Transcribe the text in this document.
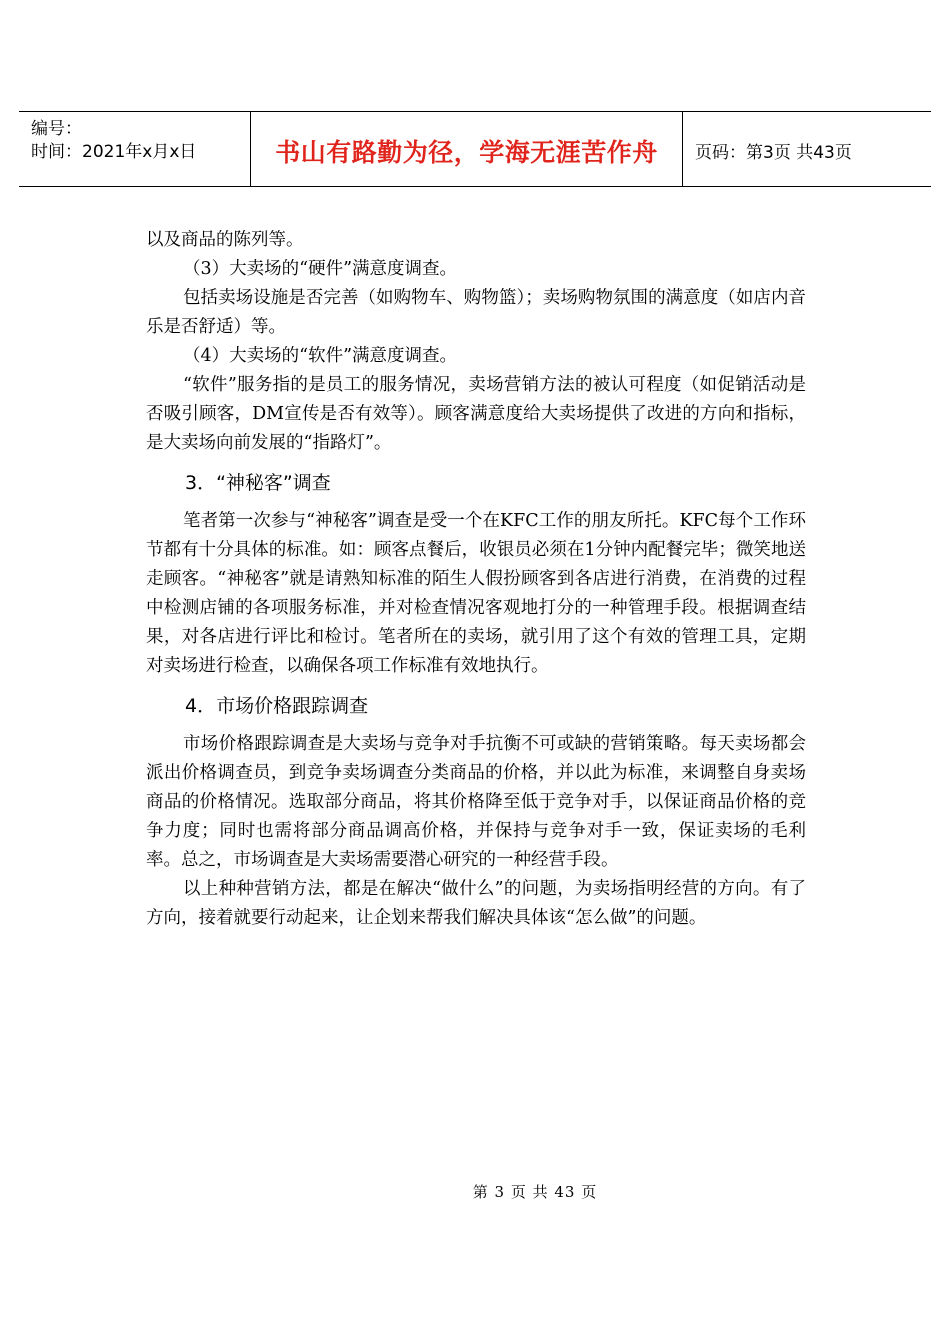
编号：
时间：2021年x月x日	书山有路勤为径，学海无涯苦作舟 页码：第3页 共43页

以及商品的陈列等。

（3）大卖场的“硬件”满意度调查。

包括卖场设施是否完善（如购物车、购物篮）；卖场购物氛围的满意度（如店内音乐是否舒适）等。

（4）大卖场的“软件”满意度调查。

“软件”服务指的是员工的服务情况，卖场营销方法的被认可程度（如促销活动是否吸引顾客，DM宣传是否有效等）。顾客满意度给大卖场提供了改进的方向和指标，是大卖场向前发展的“指路灯”。

3．“神秘客”调查

笔者第一次参与“神秘客”调查是受一个在KFC工作的朋友所托。KFC每个工作环节都有十分具体的标准。如：顾客点餐后，收银员必须在1分钟内配餐完毕；微笑地送走顾客。“神秘客”就是请熟知标准的陌生人假扮顾客到各店进行消费，在消费的过程中检测店铺的各项服务标准，并对检查情况客观地打分的一种管理手段。根据调查结果，对各店进行评比和检讨。笔者所在的卖场，就引用了这个有效的管理工具，定期对卖场进行检查，以确保各项工作标准有效地执行。

4．市场价格跟踪调查

市场价格跟踪调查是大卖场与竞争对手抗衡不可或缺的营销策略。每天卖场都会派出价格调查员，到竞争卖场调查分类商品的价格，并以此为标准，来调整自身卖场商品的价格情况。选取部分商品，将其价格降至低于竞争对手，以保证商品价格的竞争力度；同时也需将部分商品调高价格，并保持与竞争对手一致，保证卖场的毛利率。总之，市场调查是大卖场需要潜心研究的一种经营手段。

以上种种营销方法，都是在解决“做什么”的问题，为卖场指明经营的方向。有了方向，接着就要行动起来，让企划来帮我们解决具体该“怎么做”的问题。

第 3 页 共 43 页
